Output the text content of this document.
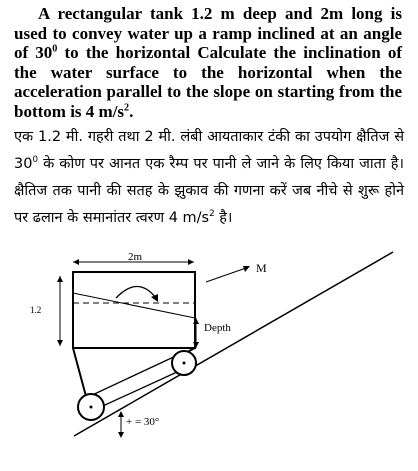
A rectangular tank 1.2 m deep and 2m long is used to convey water up a ramp inclined at an angle of $30^0$ to the horizontal Calculate the inclination of the water surface to the horizontal when the acceleration parallel to the slope on starting from the bottom is 4 $m/s^2$.
एक 1.2 मी. गहरी तथा 2 मी. लंबी आयताकार टंकी का उपयोग क्षैतिज से $30^0$ के कोण पर आनत एक रैम्प पर पानी ले जाने के लिए किया जाता है। क्षैतिज तक पानी की सतह के झुकाव की गणना करें जब नीचे से शुरू होने पर ढलान के समानांतर त्वरण 4 $m/s^2$ है।
2m
1.2
Depth
M
+ = 30°
